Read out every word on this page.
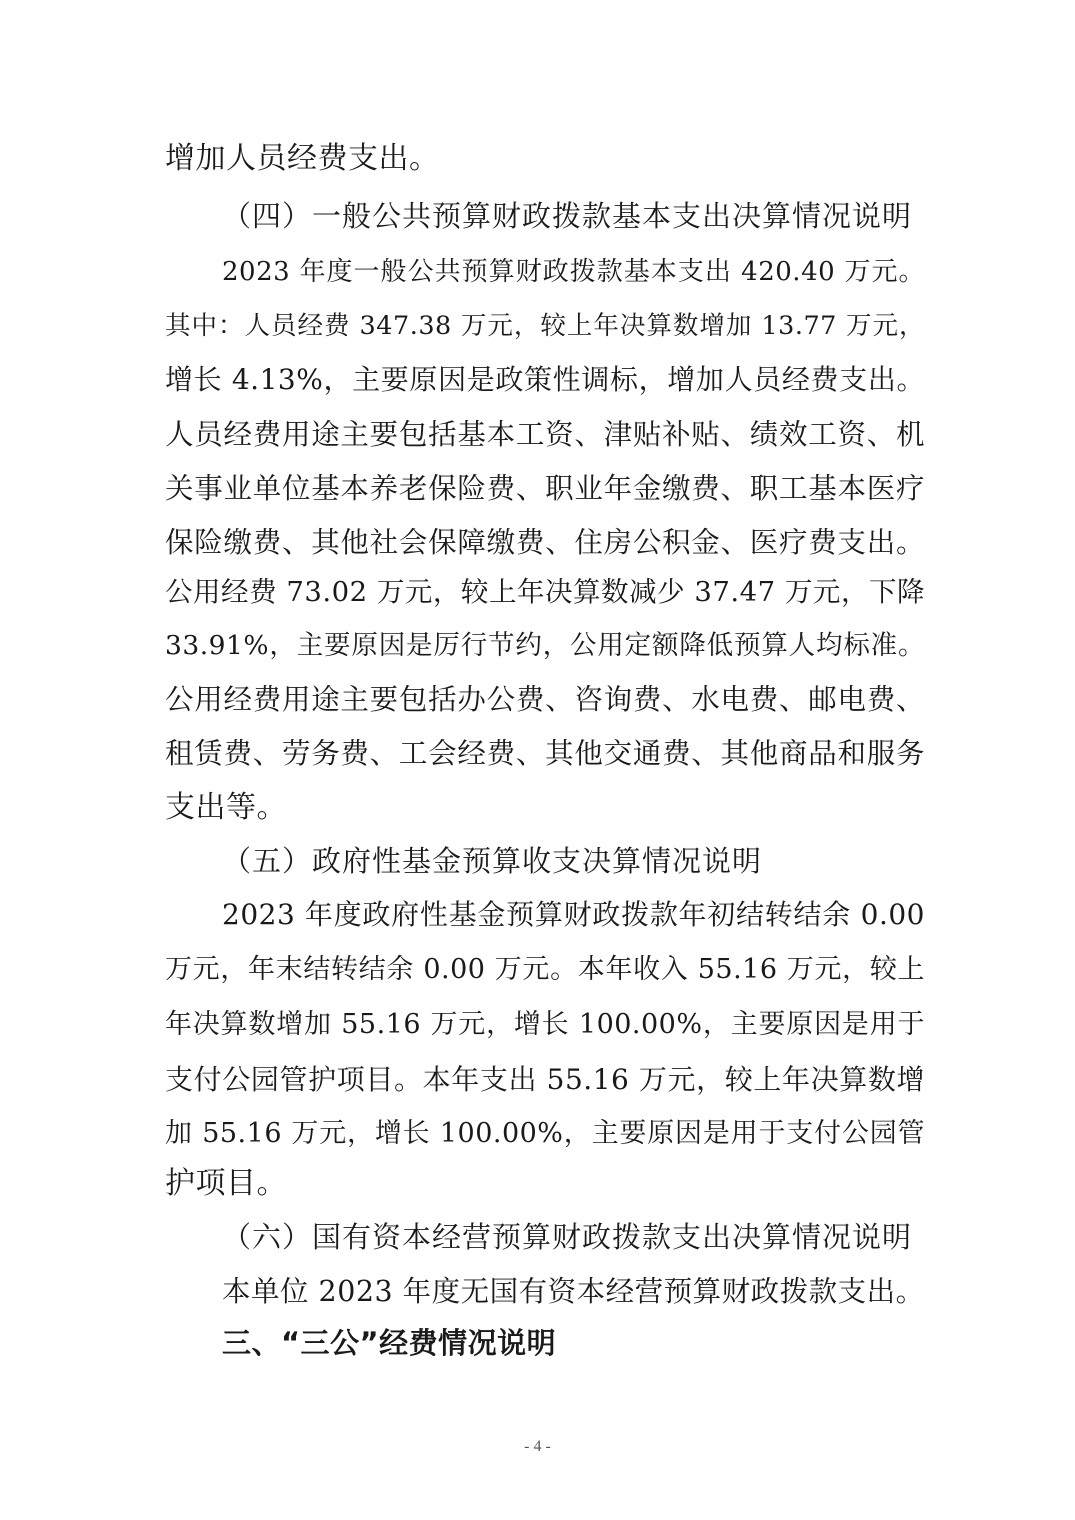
增加人员经费支出。
（四）一般公共预算财政拨款基本支出决算情况说明
2023 年度一般公共预算财政拨款基本支出 420.40 万元。
其中：人员经费 347.38 万元，较上年决算数增加 13.77 万元，
增长 4.13%，主要原因是政策性调标，增加人员经费支出。
人员经费用途主要包括基本工资、津贴补贴、绩效工资、机
关事业单位基本养老保险费、职业年金缴费、职工基本医疗
保险缴费、其他社会保障缴费、住房公积金、医疗费支出。
公用经费 73.02 万元，较上年决算数减少 37.47 万元，下降
33.91%，主要原因是厉行节约，公用定额降低预算人均标准。
公用经费用途主要包括办公费、咨询费、水电费、邮电费、
租赁费、劳务费、工会经费、其他交通费、其他商品和服务
支出等。
（五）政府性基金预算收支决算情况说明
2023 年度政府性基金预算财政拨款年初结转结余 0.00
万元，年末结转结余 0.00 万元。本年收入 55.16 万元，较上
年决算数增加 55.16 万元，增长 100.00%，主要原因是用于
支付公园管护项目。本年支出 55.16 万元，较上年决算数增
加 55.16 万元，增长 100.00%，主要原因是用于支付公园管
护项目。
（六）国有资本经营预算财政拨款支出决算情况说明
本单位 2023 年度无国有资本经营预算财政拨款支出。
三、“三公”经费情况说明
- 4 -
